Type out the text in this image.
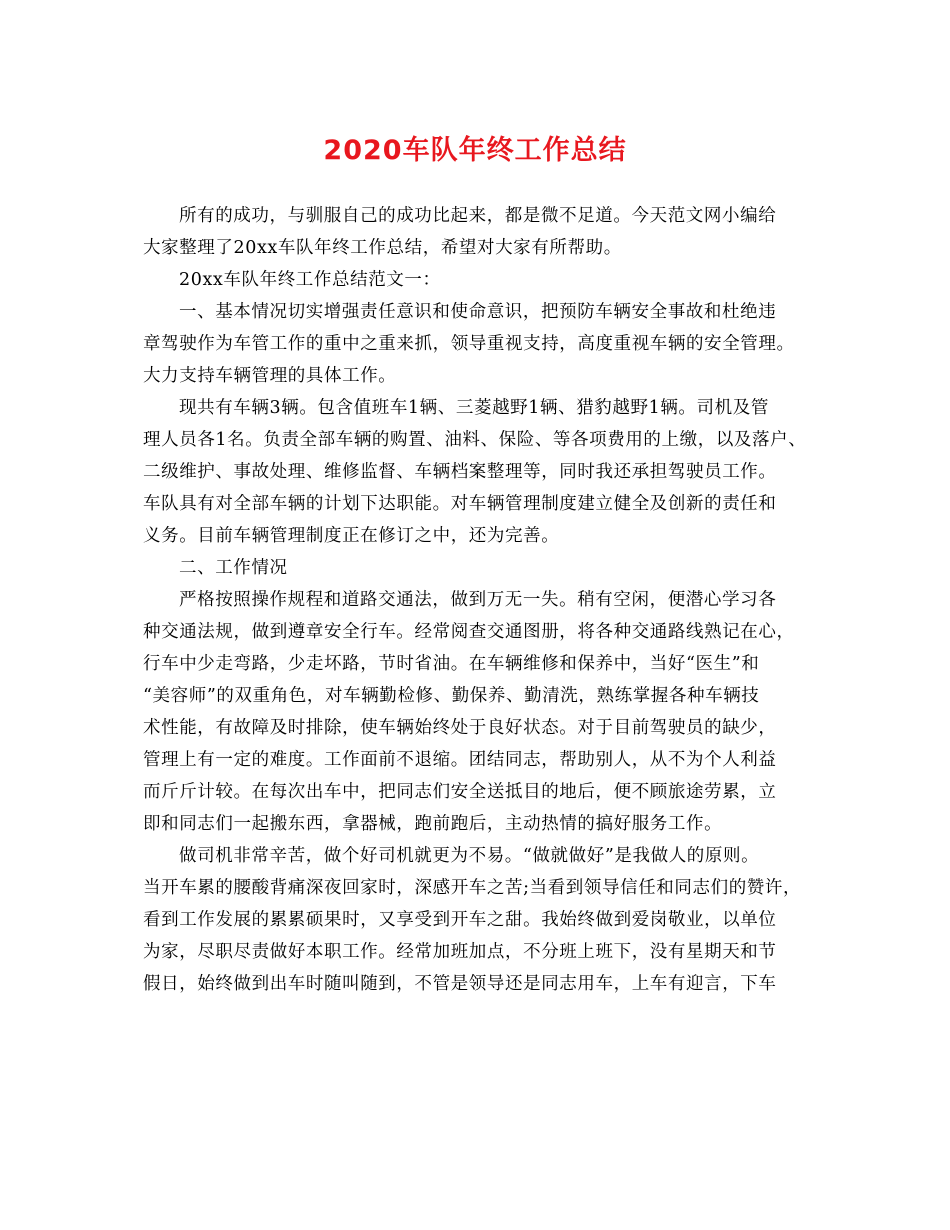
2020车队年终工作总结
所有的成功，与驯服自己的成功比起来，都是微不足道。今天范文网小编给
大家整理了20xx车队年终工作总结，希望对大家有所帮助。
20xx车队年终工作总结范文一：
一、基本情况切实增强责任意识和使命意识，把预防车辆安全事故和杜绝违
章驾驶作为车管工作的重中之重来抓，领导重视支持，高度重视车辆的安全管理。
大力支持车辆管理的具体工作。
现共有车辆3辆。包含值班车1辆、三菱越野1辆、猎豹越野1辆。司机及管
理人员各1名。负责全部车辆的购置、油料、保险、等各项费用的上缴，以及落户、
二级维护、事故处理、维修监督、车辆档案整理等，同时我还承担驾驶员工作。
车队具有对全部车辆的计划下达职能。对车辆管理制度建立健全及创新的责任和
义务。目前车辆管理制度正在修订之中，还为完善。
二、工作情况
严格按照操作规程和道路交通法，做到万无一失。稍有空闲，便潜心学习各
种交通法规，做到遵章安全行车。经常阅查交通图册，将各种交通路线熟记在心，
行车中少走弯路，少走坏路，节时省油。在车辆维修和保养中，当好“医生”和
“美容师”的双重角色，对车辆勤检修、勤保养、勤清洗，熟练掌握各种车辆技
术性能，有故障及时排除，使车辆始终处于良好状态。对于目前驾驶员的缺少，
管理上有一定的难度。工作面前不退缩。团结同志，帮助别人，从不为个人利益
而斤斤计较。在每次出车中，把同志们安全送抵目的地后，便不顾旅途劳累，立
即和同志们一起搬东西，拿器械，跑前跑后，主动热情的搞好服务工作。
做司机非常辛苦，做个好司机就更为不易。“做就做好”是我做人的原则。
当开车累的腰酸背痛深夜回家时，深感开车之苦;当看到领导信任和同志们的赞许，
看到工作发展的累累硕果时，又享受到开车之甜。我始终做到爱岗敬业，以单位
为家，尽职尽责做好本职工作。经常加班加点，不分班上班下，没有星期天和节
假日，始终做到出车时随叫随到，不管是领导还是同志用车，上车有迎言，下车
